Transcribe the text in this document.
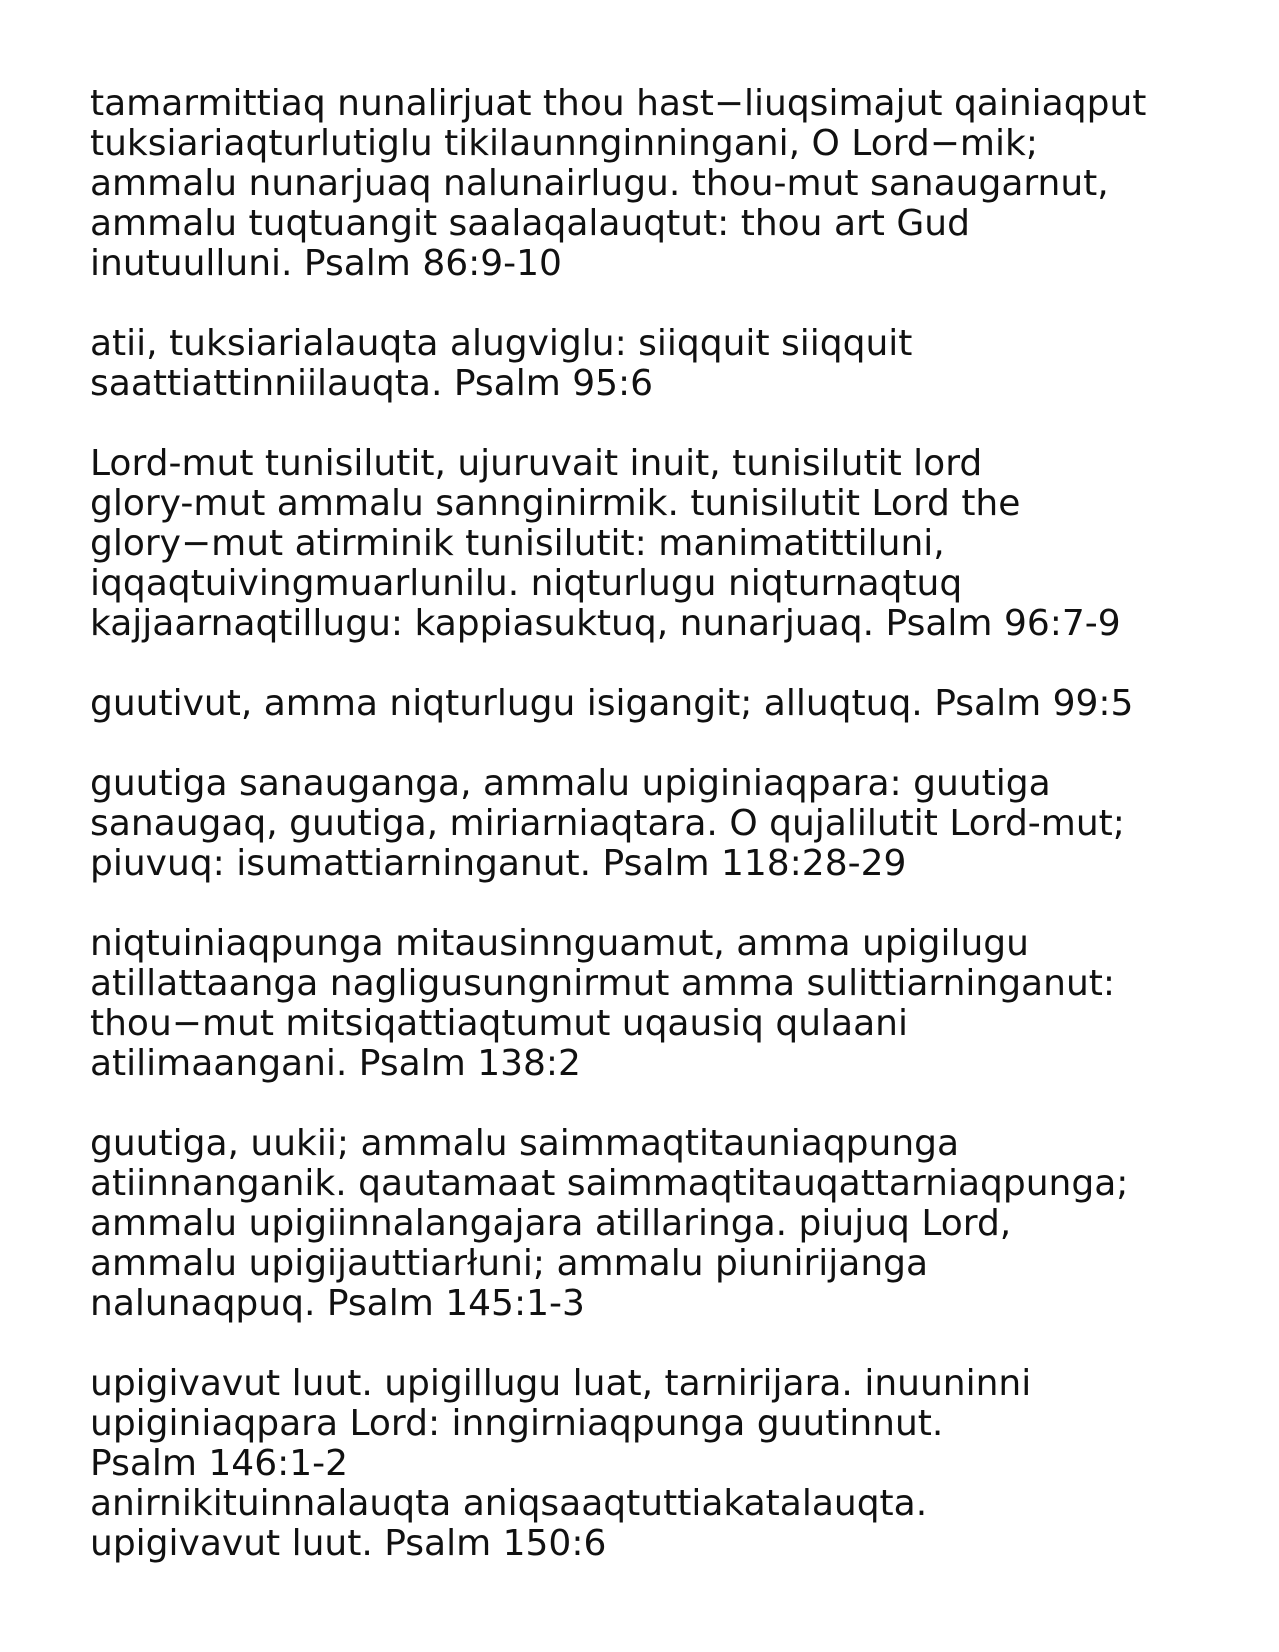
tamarmittiaq nunalirjuat thou hast−liuqsimajut qainiaqput
tuksiariaqturlutiglu tikilaunnginningani, O Lord−mik;
ammalu nunarjuaq nalunairlugu. thou-mut sanaugarnut,
ammalu tuqtuangit saalaqalauqtut: thou art Gud
inutuulluni. Psalm 86:9-10
atii, tuksiarialauqta alugviglu: siiqquit siiqquit
saattiattinniilauqta. Psalm 95:6
Lord-mut tunisilutit, ujuruvait inuit, tunisilutit lord
glory-mut ammalu sannginirmik. tunisilutit Lord the
glory−mut atirminik tunisilutit: manimatittiluni,
iqqaqtuivingmuarlunilu. niqturlugu niqturnaqtuq
kajjaarnaqtillugu: kappiasuktuq, nunarjuaq. Psalm 96:7-9
guutivut, amma niqturlugu isigangit; alluqtuq. Psalm 99:5
guutiga sanauganga, ammalu upiginiaqpara: guutiga
sanaugaq, guutiga, miriarniaqtara. O qujalilutit Lord-mut;
piuvuq: isumattiarninganut. Psalm 118:28-29
niqtuiniaqpunga mitausinnguamut, amma upigilugu
atillattaanga nagligusungnirmut amma sulittiarninganut:
thou−mut mitsiqattiaqtumut uqausiq qulaani
atilimaangani. Psalm 138:2
guutiga, uukii; ammalu saimmaqtitauniaqpunga
atiinnanganik. qautamaat saimmaqtitauqattarniaqpunga;
ammalu upigiinnalangajara atillaringa. piujuq Lord,
ammalu upigijauttiarłuni; ammalu piunirijanga
nalunaqpuq. Psalm 145:1-3
upigivavut luut. upigillugu luat, tarnirijara. inuuninni
upiginiaqpara Lord: inngirniaqpunga guutinnut.
Psalm 146:1-2
anirnikituinnalauqta aniqsaaqtuttiakatalauqta.
upigivavut luut. Psalm 150:6
